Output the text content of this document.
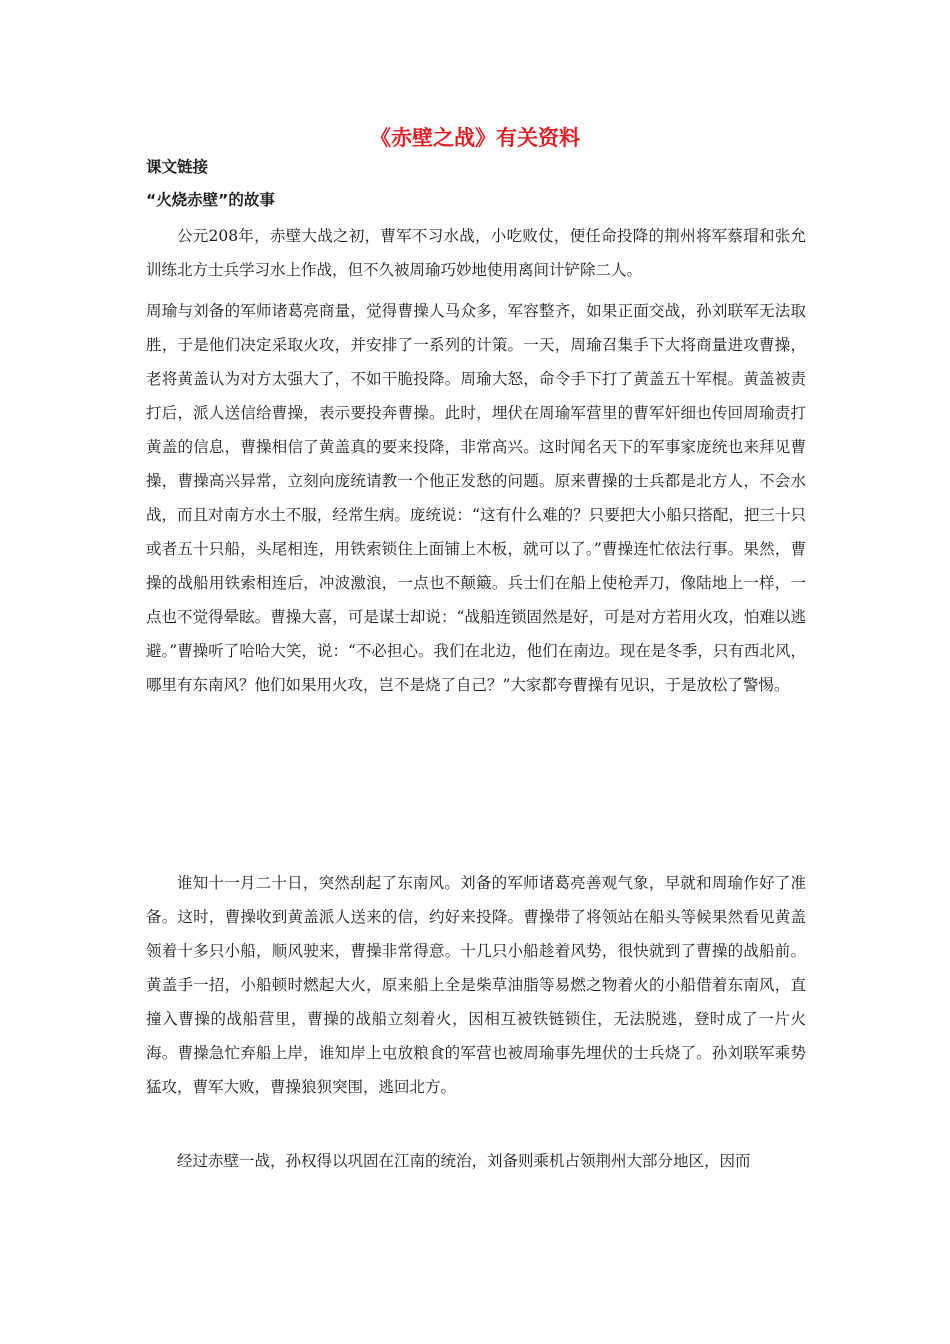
《赤壁之战》有关资料
课文链接
“火烧赤壁”的故事

公元208年，赤壁大战之初，曹军不习水战，小吃败仗，便任命投降的荆州将军蔡瑁和张允训练北方士兵学习水上作战，但不久被周瑜巧妙地使用离间计铲除二人。

周瑜与刘备的军师诸葛亮商量，觉得曹操人马众多，军容整齐，如果正面交战，孙刘联军无法取胜，于是他们决定采取火攻，并安排了一系列的计策。一天，周瑜召集手下大将商量进攻曹操，老将黄盖认为对方太强大了，不如干脆投降。周瑜大怒，命令手下打了黄盖五十军棍。黄盖被责打后，派人送信给曹操，表示要投奔曹操。此时，埋伏在周瑜军营里的曹军奸细也传回周瑜责打黄盖的信息，曹操相信了黄盖真的要来投降，非常高兴。这时闻名天下的军事家庞统也来拜见曹操，曹操高兴异常，立刻向庞统请教一个他正发愁的问题。原来曹操的士兵都是北方人，不会水战，而且对南方水土不服，经常生病。庞统说：“这有什么难的？只要把大小船只搭配，把三十只或者五十只船，头尾相连，用铁索锁住上面铺上木板，就可以了。”曹操连忙依法行事。果然，曹操的战船用铁索相连后，冲波激浪，一点也不颠簸。兵士们在船上使枪弄刀，像陆地上一样，一点也不觉得晕眩。曹操大喜，可是谋士却说：“战船连锁固然是好，可是对方若用火攻，怕难以逃避。”曹操听了哈哈大笑，说：“不必担心。我们在北边，他们在南边。现在是冬季，只有西北风，哪里有东南风？他们如果用火攻，岂不是烧了自己？”大家都夸曹操有见识，于是放松了警惕。

谁知十一月二十日，突然刮起了东南风。刘备的军师诸葛亮善观气象，早就和周瑜作好了准备。这时，曹操收到黄盖派人送来的信，约好来投降。曹操带了将领站在船头等候果然看见黄盖领着十多只小船，顺风驶来，曹操非常得意。十几只小船趁着风势，很快就到了曹操的战船前。黄盖手一招，小船顿时燃起大火，原来船上全是柴草油脂等易燃之物着火的小船借着东南风，直撞入曹操的战船营里，曹操的战船立刻着火，因相互被铁链锁住，无法脱逃，登时成了一片火海。曹操急忙弃船上岸，谁知岸上屯放粮食的军营也被周瑜事先埋伏的士兵烧了。孙刘联军乘势猛攻，曹军大败，曹操狼狈突围，逃回北方。

经过赤壁一战，孙权得以巩固在江南的统治，刘备则乘机占领荆州大部分地区，因而
